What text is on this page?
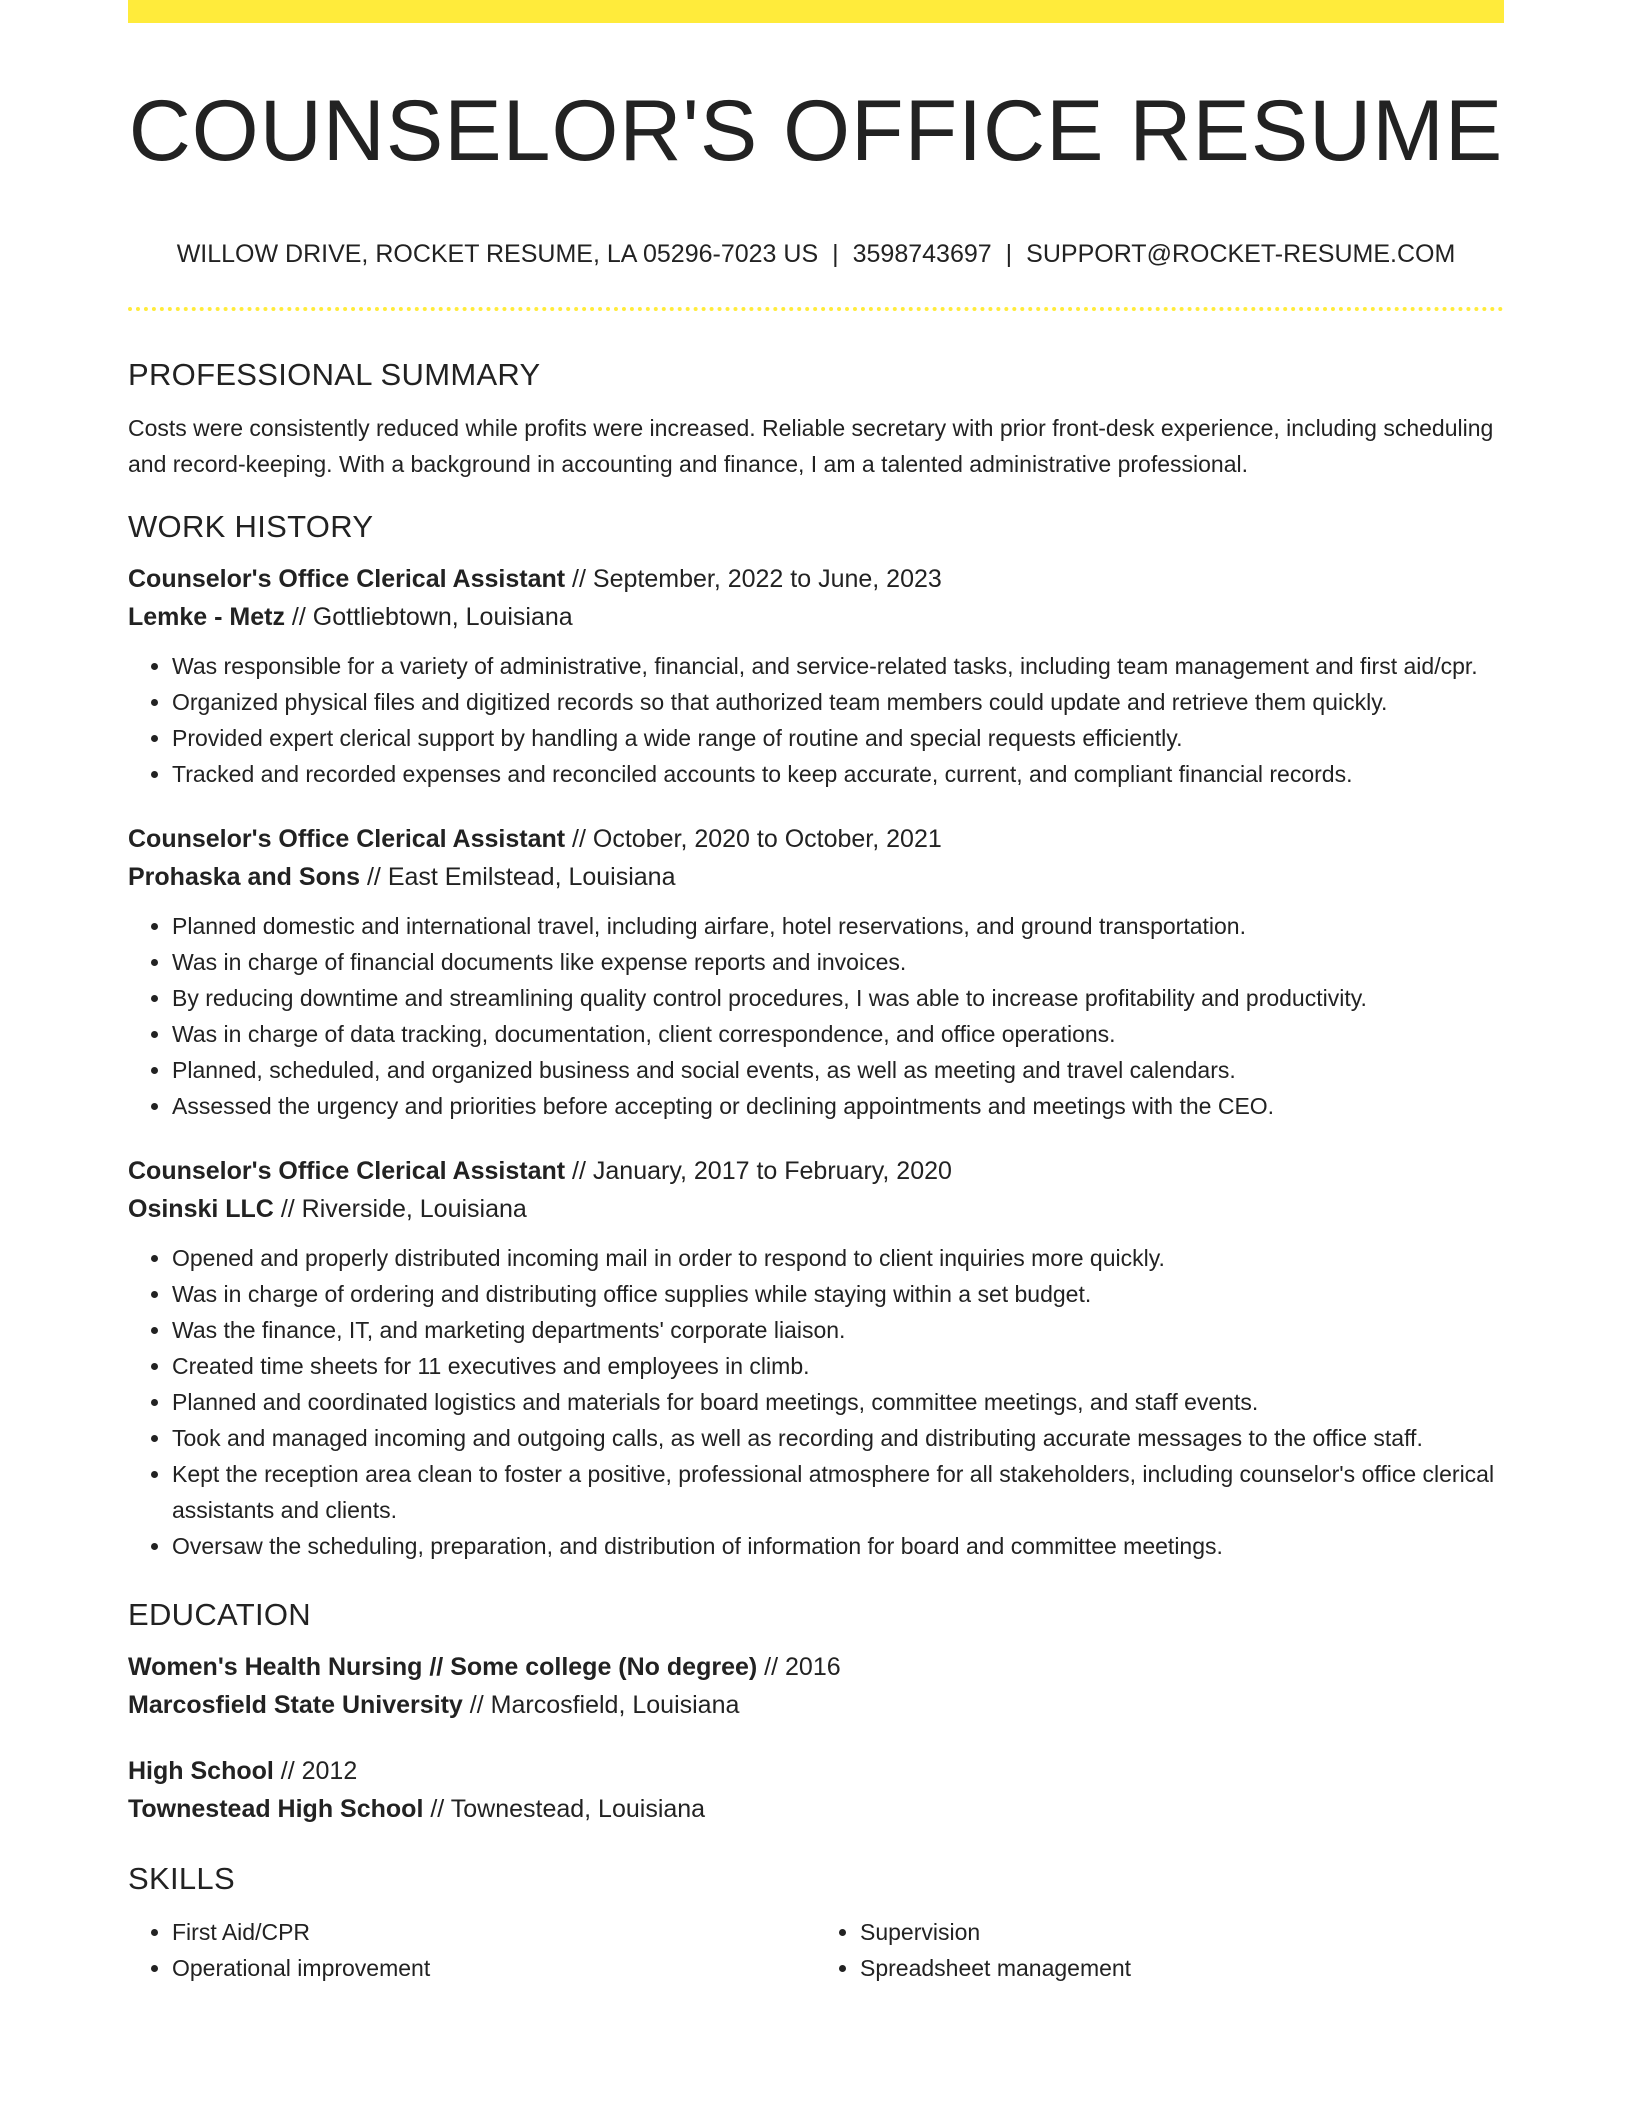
COUNSELOR'S OFFICE RESUME
WILLOW DRIVE, ROCKET RESUME, LA 05296-7023 US | 3598743697 | SUPPORT@ROCKET-RESUME.COM
PROFESSIONAL SUMMARY

Costs were consistently reduced while profits were increased. Reliable secretary with prior front-desk experience, including scheduling and record-keeping. With a background in accounting and finance, I am a talented administrative professional.

WORK HISTORY
Counselor's Office Clerical Assistant // September, 2022 to June, 2023
Lemke - Metz // Gottliebtown, Louisiana
• Was responsible for a variety of administrative, financial, and service-related tasks, including team management and first aid/cpr.
• Organized physical files and digitized records so that authorized team members could update and retrieve them quickly.
• Provided expert clerical support by handling a wide range of routine and special requests efficiently.
• Tracked and recorded expenses and reconciled accounts to keep accurate, current, and compliant financial records.
Counselor's Office Clerical Assistant // October, 2020 to October, 2021
Prohaska and Sons // East Emilstead, Louisiana
• Planned domestic and international travel, including airfare, hotel reservations, and ground transportation.
• Was in charge of financial documents like expense reports and invoices.
• By reducing downtime and streamlining quality control procedures, I was able to increase profitability and productivity.
• Was in charge of data tracking, documentation, client correspondence, and office operations.
• Planned, scheduled, and organized business and social events, as well as meeting and travel calendars.
• Assessed the urgency and priorities before accepting or declining appointments and meetings with the CEO.
Counselor's Office Clerical Assistant // January, 2017 to February, 2020
Osinski LLC // Riverside, Louisiana
• Opened and properly distributed incoming mail in order to respond to client inquiries more quickly.
• Was in charge of ordering and distributing office supplies while staying within a set budget.
• Was the finance, IT, and marketing departments' corporate liaison.
• Created time sheets for 11 executives and employees in climb.
• Planned and coordinated logistics and materials for board meetings, committee meetings, and staff events.
• Took and managed incoming and outgoing calls, as well as recording and distributing accurate messages to the office staff.
• Kept the reception area clean to foster a positive, professional atmosphere for all stakeholders, including counselor's office clerical assistants and clients.
• Oversaw the scheduling, preparation, and distribution of information for board and committee meetings.
EDUCATION
Women's Health Nursing // Some college (No degree) // 2016
Marcosfield State University // Marcosfield, Louisiana
High School // 2012
Townestead High School // Townestead, Louisiana
SKILLS
• First Aid/CPR
• Operational improvement
• Supervision
• Spreadsheet management
